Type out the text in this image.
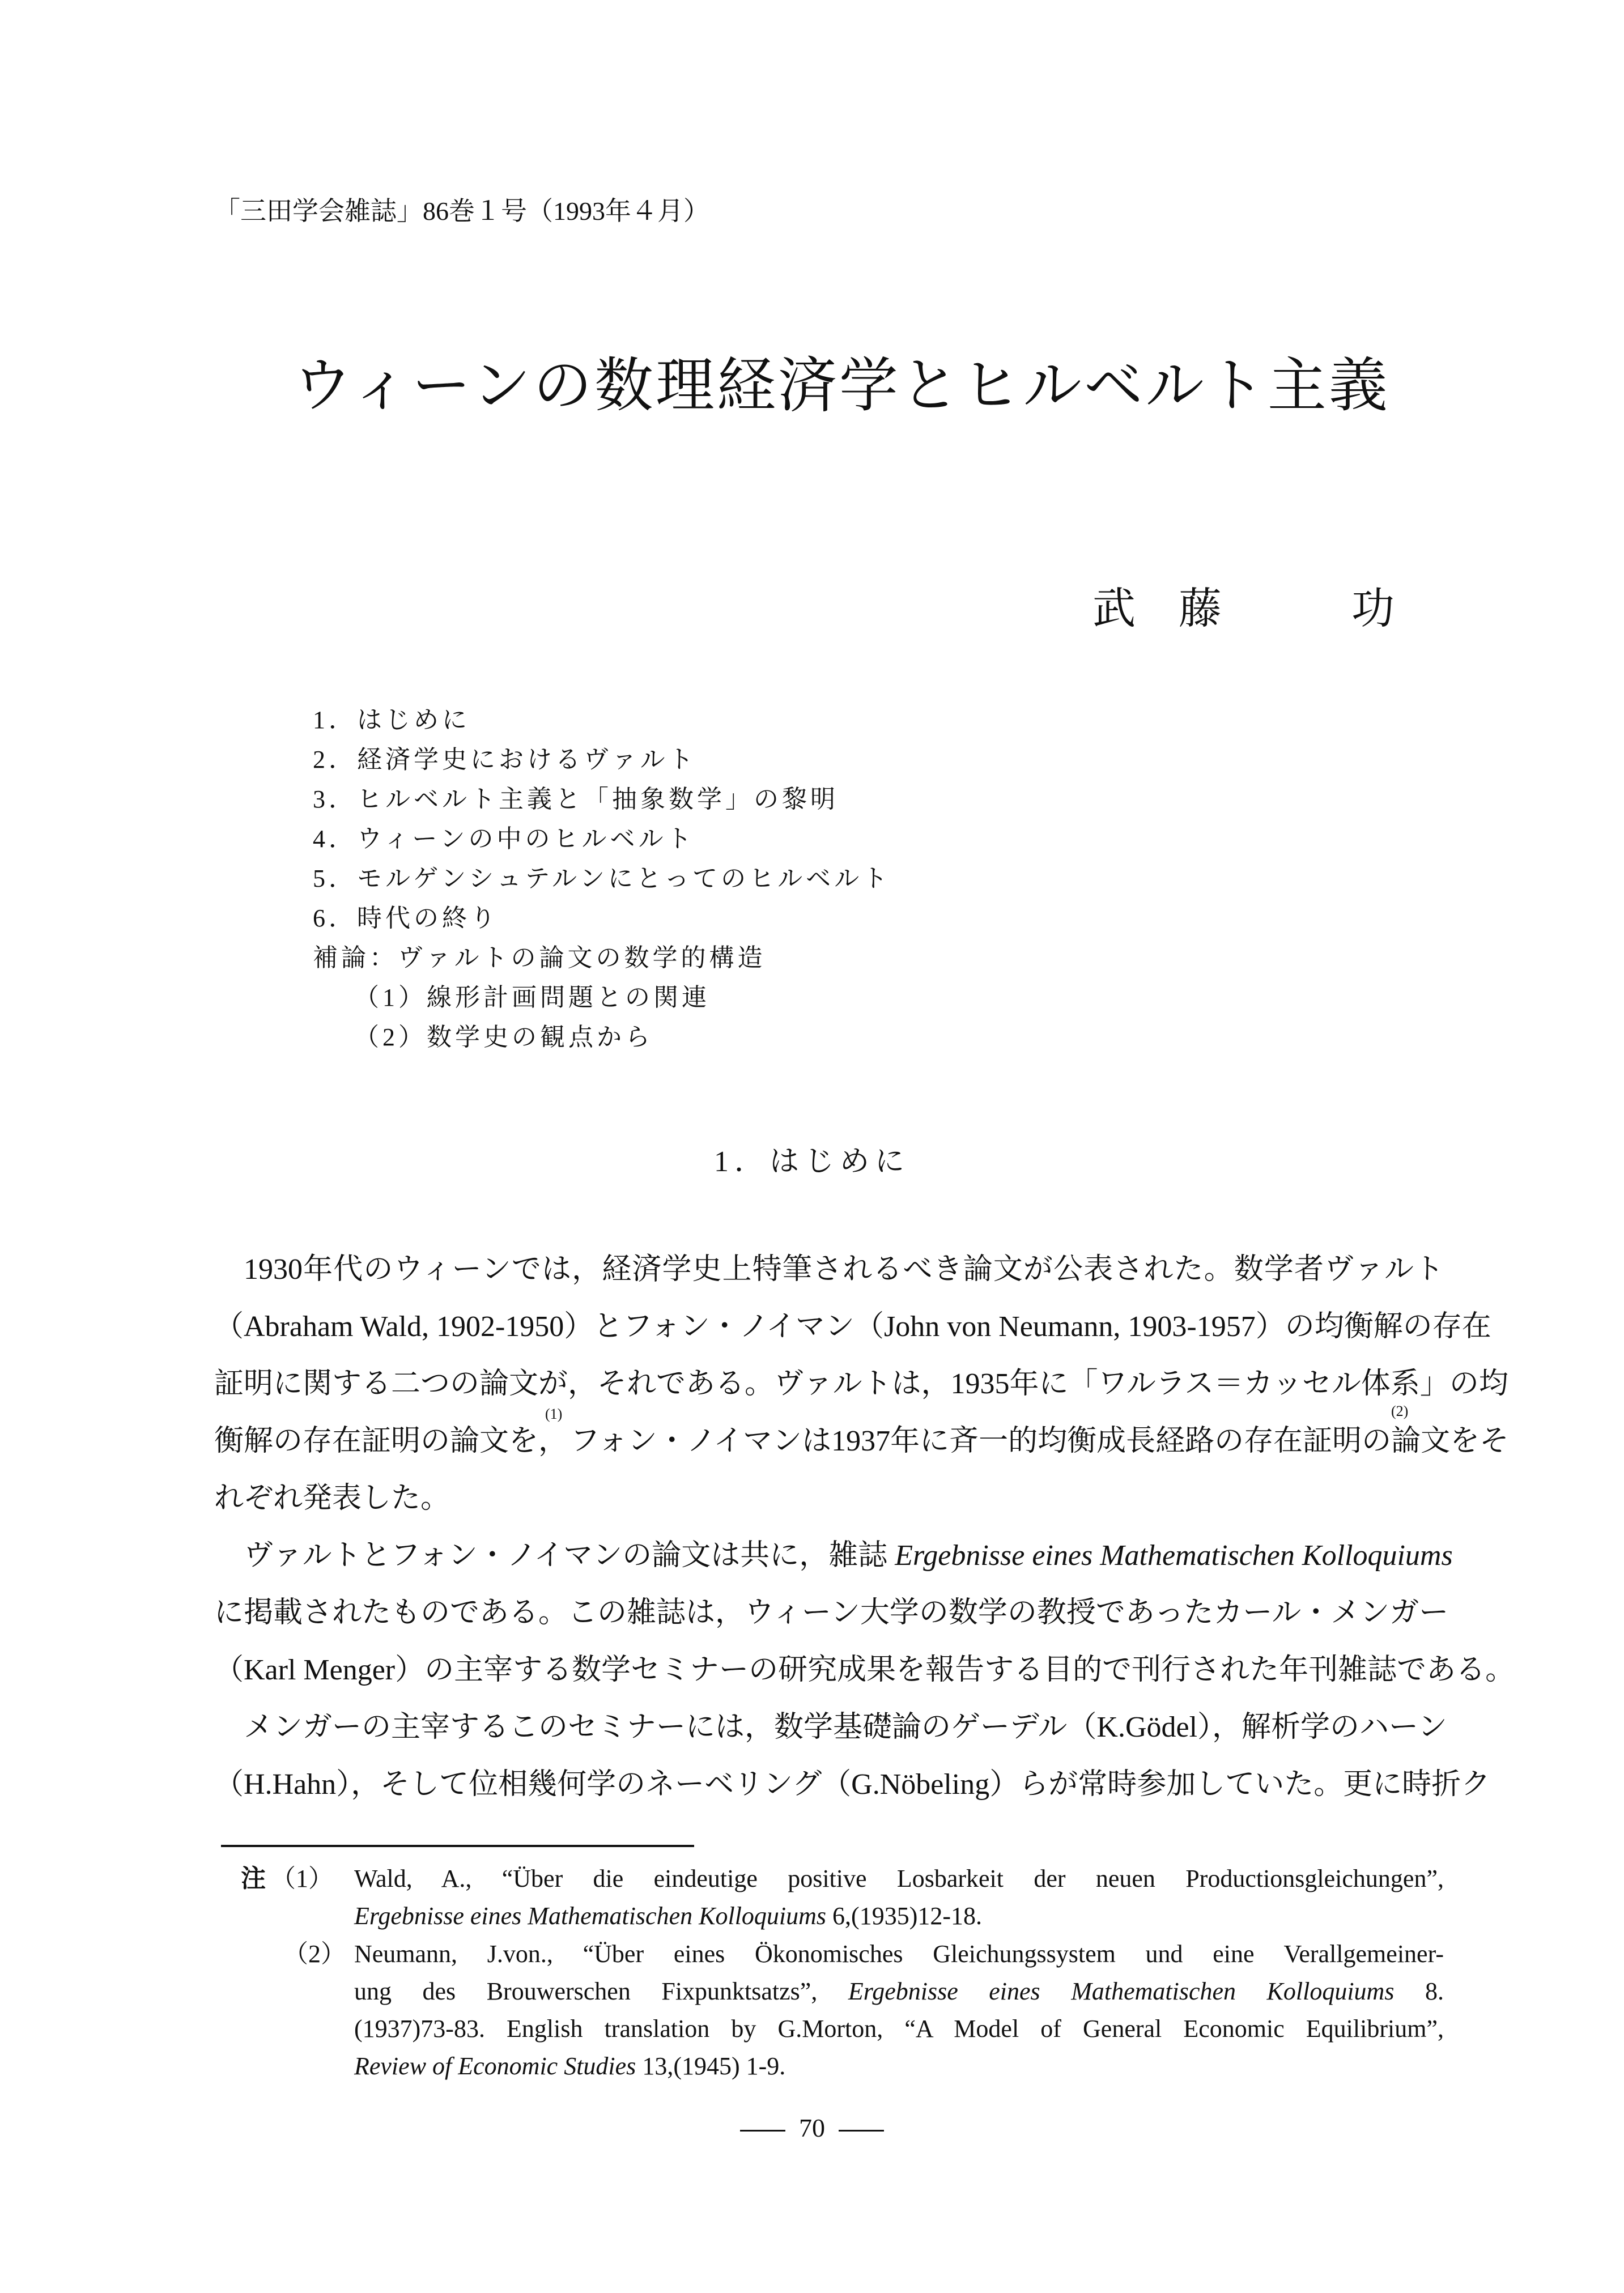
「三田学会雑誌」86巻１号（1993年４月）
ウィーンの数理経済学とヒルベルト主義
武　藤	功
1．はじめに
2．経済学史におけるヴァルト
3．ヒルベルト主義と「抽象数学」の黎明
4．ウィーンの中のヒルベルト
5．モルゲンシュテルンにとってのヒルベルト
6．時代の終り
補論：ヴァルトの論文の数学的構造
（1）線形計画問題との関連
（2）数学史の観点から
1．はじめに
1930年代のウィーンでは，経済学史上特筆されるべき論文が公表された。数学者ヴァルト
（Abraham Wald, 1902-1950）とフォン・ノイマン（John von Neumann, 1903-1957）の均衡解の存在
証明に関する二つの論文が，それである。ヴァルトは，1935年に「ワルラス＝カッセル体系」の均
衡解の存在証明の論文を，$^{(1)}$フォン・ノイマンは1937年に斉一的均衡成長経路の存在証明の論文をそ
(2)
れぞれ発表した。
ヴァルトとフォン・ノイマンの論文は共に，雑誌 Ergebnisse eines Mathematischen Kolloquiums
に掲載されたものである。この雑誌は，ウィーン大学の数学の教授であったカール・メンガー
（Karl Menger）の主宰する数学セミナーの研究成果を報告する目的で刊行された年刊雑誌である。
メンガーの主宰するこのセミナーには，数学基礎論のゲーデル（K.Gödel），解析学のハーン
（H.Hahn），そして位相幾何学のネーベリング（G.Nöbeling）らが常時参加していた。更に時折ク
注 （1） Wald, A., “Über die eindeutige positive Losbarkeit der neuen Productionsgleichungen”,
Ergebnisse eines Mathematischen Kolloquiums 6,(1935)12-18.
（2） Neumann, J.von., “Über eines Ökonomisches Gleichungssystem und eine Verallgemeiner-
ung des Brouwerschen Fixpunktsatzs”, Ergebnisse eines Mathematischen Kolloquiums 8.
(1937)73-83. English translation by G.Morton, “A Model of General Economic Equilibrium”,
Review of Economic Studies 13,(1945) 1-9.
70
